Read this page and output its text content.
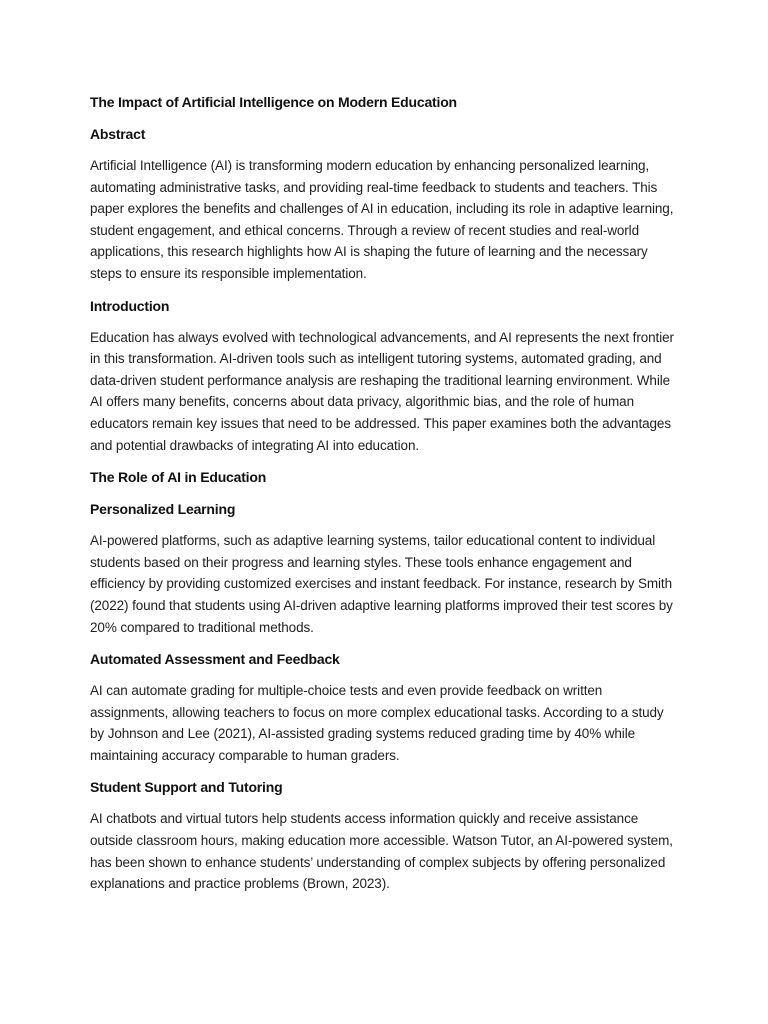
The Impact of Artificial Intelligence on Modern Education
Abstract

Artificial Intelligence (AI) is transforming modern education by enhancing personalized learning, automating administrative tasks, and providing real-time feedback to students and teachers. This paper explores the benefits and challenges of AI in education, including its role in adaptive learning, student engagement, and ethical concerns. Through a review of recent studies and real-world applications, this research highlights how AI is shaping the future of learning and the necessary steps to ensure its responsible implementation.

Introduction

Education has always evolved with technological advancements, and AI represents the next frontier in this transformation. AI-driven tools such as intelligent tutoring systems, automated grading, and data-driven student performance analysis are reshaping the traditional learning environment. While AI offers many benefits, concerns about data privacy, algorithmic bias, and the role of human educators remain key issues that need to be addressed. This paper examines both the advantages and potential drawbacks of integrating AI into education.

The Role of AI in Education
Personalized Learning

AI-powered platforms, such as adaptive learning systems, tailor educational content to individual students based on their progress and learning styles. These tools enhance engagement and efficiency by providing customized exercises and instant feedback. For instance, research by Smith (2022) found that students using AI-driven adaptive learning platforms improved their test scores by 20% compared to traditional methods.

Automated Assessment and Feedback

AI can automate grading for multiple-choice tests and even provide feedback on written assignments, allowing teachers to focus on more complex educational tasks. According to a study by Johnson and Lee (2021), AI-assisted grading systems reduced grading time by 40% while maintaining accuracy comparable to human graders.

Student Support and Tutoring

AI chatbots and virtual tutors help students access information quickly and receive assistance outside classroom hours, making education more accessible. Watson Tutor, an AI-powered system, has been shown to enhance students’ understanding of complex subjects by offering personalized explanations and practice problems (Brown, 2023).
